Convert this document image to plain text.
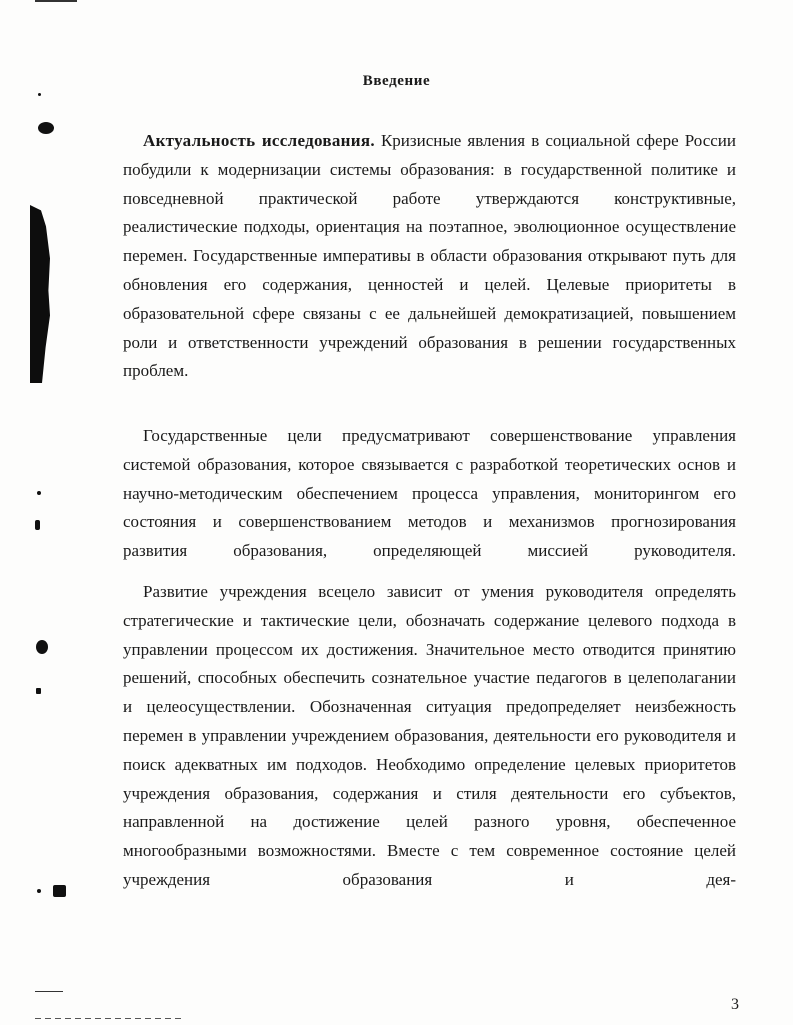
Введение

Актуальность исследования. Кризисные явления в социальной сфере России побудили к модернизации системы образования: в государственной политике и повседневной практической работе утверждаются конструктивные, реалистические подходы, ориентация на поэтапное, эволюционное осуществление перемен. Государственные императивы в области образования открывают путь для обновления его содержания, ценностей и целей. Целевые приоритеты в образовательной сфере связаны с ее дальнейшей демократизацией, повышением роли и ответственности учреждений образования в решении государственных проблем.

Государственные цели предусматривают совершенствование управления системой образования, которое связывается с разработкой теоретических основ и научно-методическим обеспечением процесса управления, мониторингом его состояния и совершенствованием методов и механизмов прогнозирования развития образования, определяющей миссией руководителя.

Развитие учреждения всецело зависит от умения руководителя определять стратегические и тактические цели, обозначать содержание целевого подхода в управлении процессом их достижения. Значительное место отводится принятию решений, способных обеспечить сознательное участие педагогов в целеполагании и целеосуществлении. Обозначенная ситуация предопределяет неизбежность перемен в управлении учреждением образования, деятельности его руководителя и поиск адекватных им подходов. Необходимо определение целевых приоритетов учреждения образования, содержания и стиля деятельности его субъектов, направленной на достижение целей разного уровня, обеспеченное многообразными возможностями. Вместе с тем современное состояние целей учреждения образования и дея-

3
